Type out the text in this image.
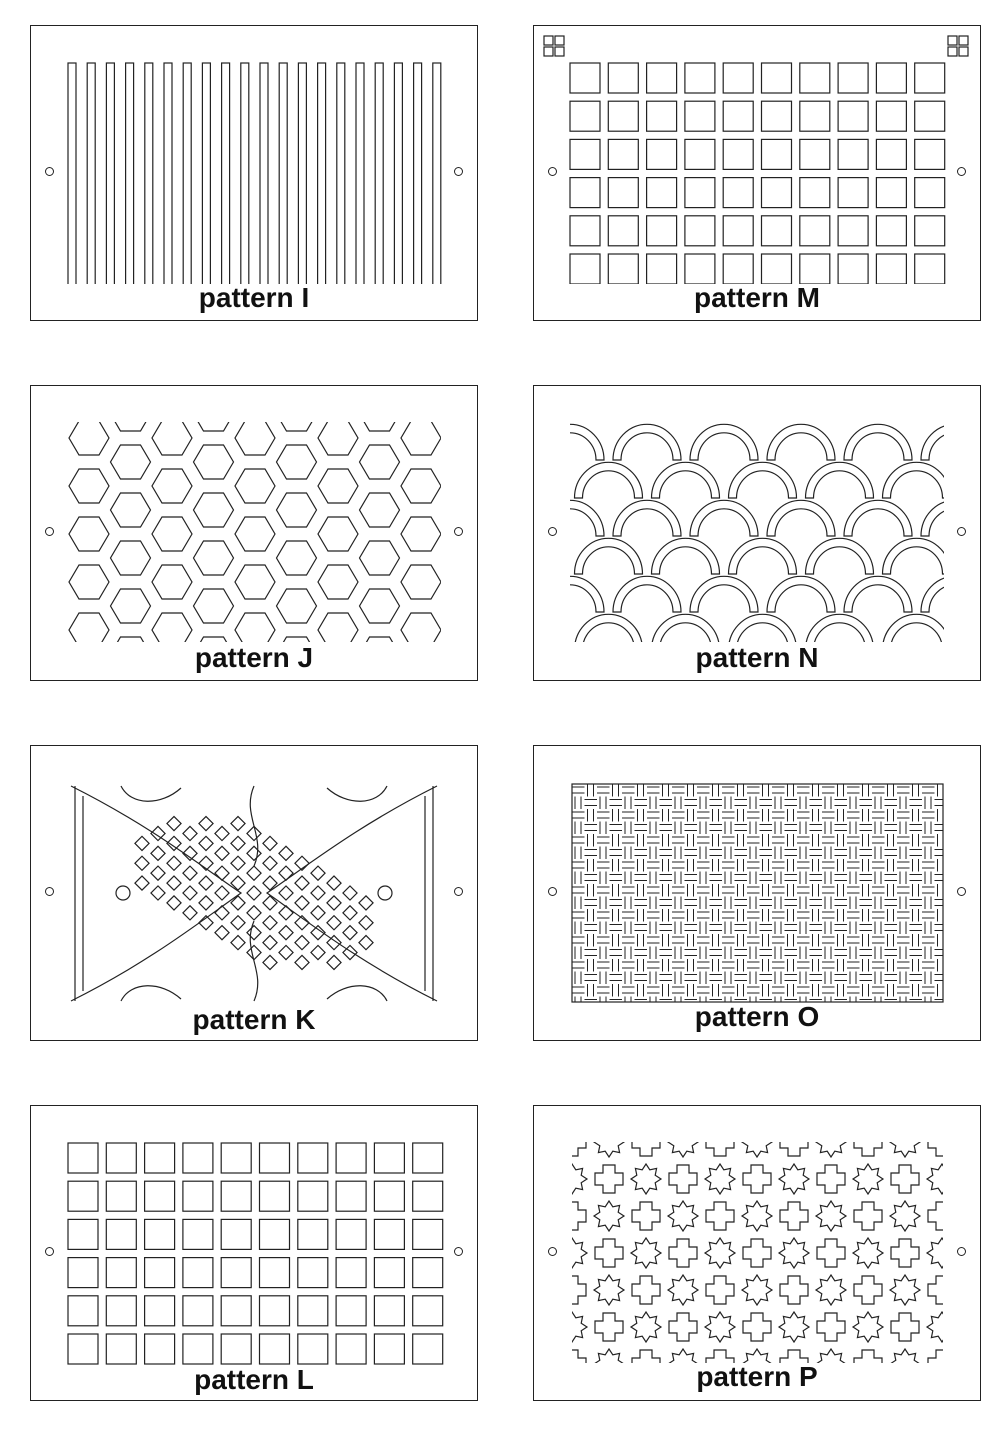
pattern I	pattern M
pattern J	pattern N
pattern K	pattern O
pattern L	pattern P
